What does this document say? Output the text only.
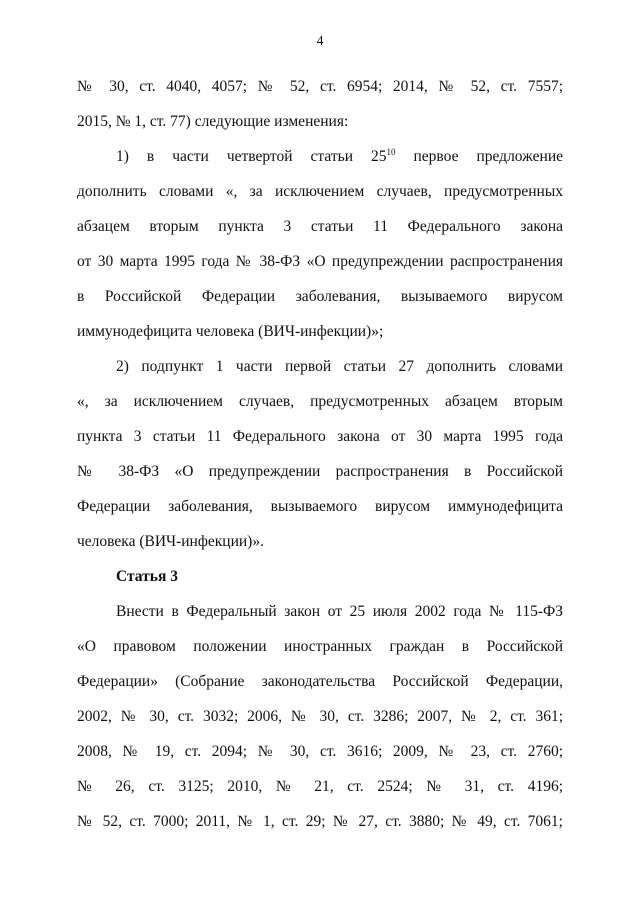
4
№ 30, ст. 4040, 4057; № 52, ст. 6954; 2014, № 52, ст. 7557;
2015, № 1, ст. 77) следующие изменения:
1) в части четвертой статьи $25^{10}$ первое предложение
дополнить словами «, за исключением случаев, предусмотренных
абзацем вторым пункта 3 статьи 11 Федерального закона
от 30 марта 1995 года № 38-ФЗ «О предупреждении распространения
в Российской Федерации заболевания, вызываемого вирусом
иммунодефицита человека (ВИЧ-инфекции)»;
2) подпункт 1 части первой статьи 27 дополнить словами
«, за исключением случаев, предусмотренных абзацем вторым
пункта 3 статьи 11 Федерального закона от 30 марта 1995 года
№ 38-ФЗ «О предупреждении распространения в Российской
Федерации заболевания, вызываемого вирусом иммунодефицита
человека (ВИЧ-инфекции)».
Статья 3
Внести в Федеральный закон от 25 июля 2002 года № 115-ФЗ
«О правовом положении иностранных граждан в Российской
Федерации» (Собрание законодательства Российской Федерации,
2002, № 30, ст. 3032; 2006, № 30, ст. 3286; 2007, № 2, ст. 361;
2008, № 19, ст. 2094; № 30, ст. 3616; 2009, № 23, ст. 2760;
№ 26, ст. 3125; 2010, № 21, ст. 2524; № 31, ст. 4196;
№ 52, ст. 7000; 2011, № 1, ст. 29; № 27, ст. 3880; № 49, ст. 7061;
